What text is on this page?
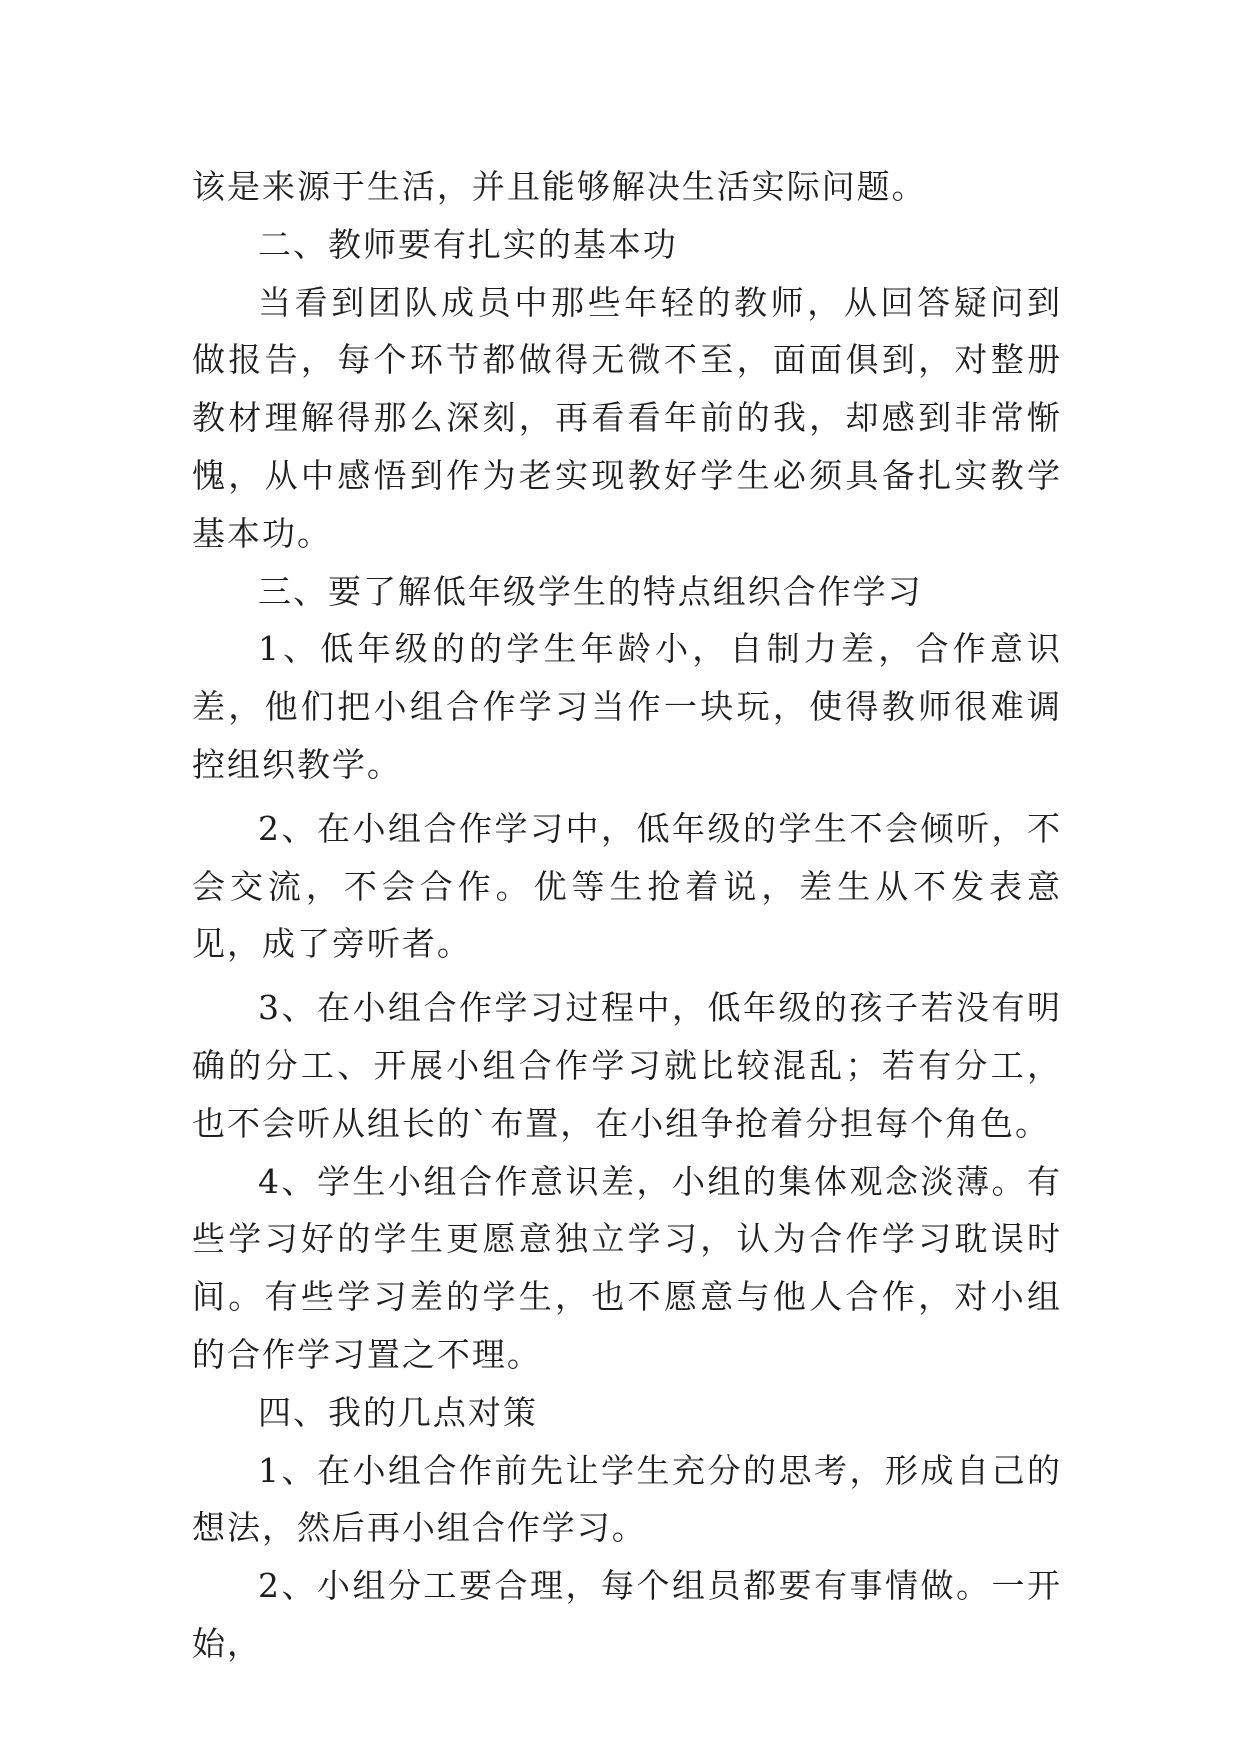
该是来源于生活，并且能够解决生活实际问题。

二、教师要有扎实的基本功

当看到团队成员中那些年轻的教师，从回答疑问到做报告，每个环节都做得无微不至，面面俱到，对整册教材理解得那么深刻，再看看年前的我，却感到非常惭愧，从中感悟到作为老实现教好学生必须具备扎实教学基本功。

三、要了解低年级学生的特点组织合作学习

1、低年级的的学生年龄小，自制力差，合作意识差，他们把小组合作学习当作一块玩，使得教师很难调控组织教学。

2、在小组合作学习中，低年级的学生不会倾听，不会交流，不会合作。优等生抢着说，差生从不发表意见，成了旁听者。

3、在小组合作学习过程中，低年级的孩子若没有明确的分工、开展小组合作学习就比较混乱；若有分工，也不会听从组长的`布置，在小组争抢着分担每个角色。

4、学生小组合作意识差，小组的集体观念淡薄。有些学习好的学生更愿意独立学习，认为合作学习耽误时间。有些学习差的学生，也不愿意与他人合作，对小组的合作学习置之不理。

四、我的几点对策

1、在小组合作前先让学生充分的思考，形成自己的想法，然后再小组合作学习。

2、小组分工要合理，每个组员都要有事情做。一开始，
